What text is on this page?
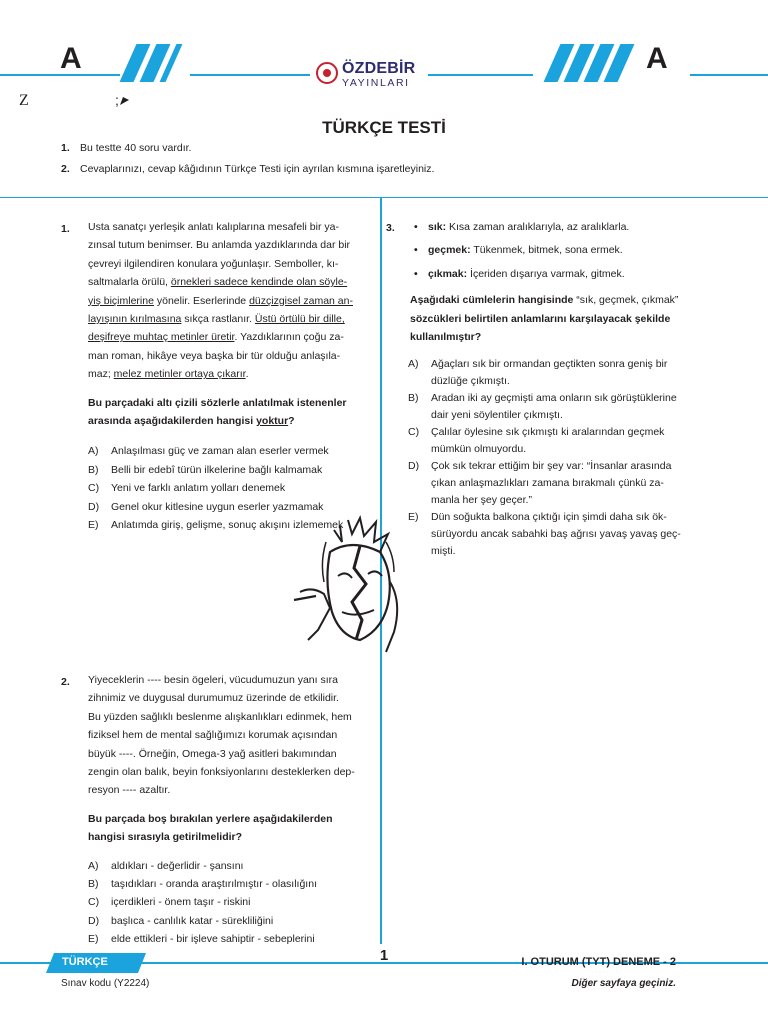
A	A
ÖZDEBİR
YAYINLARI
Z	;
TÜRKÇE TESTİ
1. Bu testte 40 soru vardır.
2. Cevaplarınızı, cevap kâğıdının Türkçe Testi için ayrılan kısmına işaretleyiniz.
1. Usta sanatçı yerleşik anlatı kalıplarına mesafeli bir ya-
zınsal tutum benimser. Bu anlamda yazdıklarında dar bir
çevreyi ilgilendiren konulara yoğunlaşır. Semboller, kı-
saltmalarla örülü, örnekleri sadece kendinde olan söyle-
yiş biçimlerine yönelir. Eserlerinde düzçizgisel zaman an-
layışının kırılmasına sıkça rastlanır. Üstü örtülü bir dille,
deşifreye muhtaç metinler üretir. Yazdıklarının çoğu za-
man roman, hikâye veya başka bir tür olduğu anlaşıla-
maz; melez metinler ortaya çıkarır.
Bu parçadaki altı çizili sözlerle anlatılmak istenenler
arasında aşağıdakilerden hangisi yoktur?
A) Anlaşılması güç ve zaman alan eserler vermek
B) Belli bir edebî türün ilkelerine bağlı kalmamak
C) Yeni ve farklı anlatım yolları denemek
D) Genel okur kitlesine uygun eserler yazmamak
E) Anlatımda giriş, gelişme, sonuç akışını izlememek
2. Yiyeceklerin ---- besin ögeleri, vücudumuzun yanı sıra
zihnimiz ve duygusal durumumuz üzerinde de etkilidir.
Bu yüzden sağlıklı beslenme alışkanlıkları edinmek, hem
fiziksel hem de mental sağlığımızı korumak açısından
büyük ----. Örneğin, Omega-3 yağ asitleri bakımından
zengin olan balık, beyin fonksiyonlarını desteklerken dep-
resyon ---- azaltır.
Bu parçada boş bırakılan yerlere aşağıdakilerden
hangisi sırasıyla getirilmelidir?
A) aldıkları - değerlidir - şansını
B) taşıdıkları - oranda araştırılmıştır - olasılığını
C) içerdikleri - önem taşır - riskini
D) başlıca - canlılık katar - sürekliliğini
E) elde ettikleri - bir işleve sahiptir - sebeplerini
3. • sık: Kısa zaman aralıklarıyla, az aralıklarla.
• geçmek: Tükenmek, bitmek, sona ermek.
• çıkmak: İçeriden dışarıya varmak, gitmek.
Aşağıdaki cümlelerin hangisinde “sık, geçmek, çıkmak”
sözcükleri belirtilen anlamlarını karşılayacak şekilde
kullanılmıştır?
A) Ağaçları sık bir ormandan geçtikten sonra geniş bir
düzlüğe çıkmıştı.
B) Aradan iki ay geçmişti ama onların sık görüştüklerine
dair yeni söylentiler çıkmıştı.
C) Çalılar öylesine sık çıkmıştı ki aralarından geçmek
mümkün olmuyordu.
D) Çok sık tekrar ettiğim bir şey var: “İnsanlar arasında
çıkan anlaşmazlıkları zamana bırakmalı çünkü za-
manla her şey geçer.”
E) Dün soğukta balkona çıktığı için şimdi daha sık ök-
sürüyordu ancak sabahki baş ağrısı yavaş yavaş geç-
mişti.
TÜRKÇE	1	I. OTURUM (TYT) DENEME - 2
Sınav kodu (Y2224)	Diğer sayfaya geçiniz.
